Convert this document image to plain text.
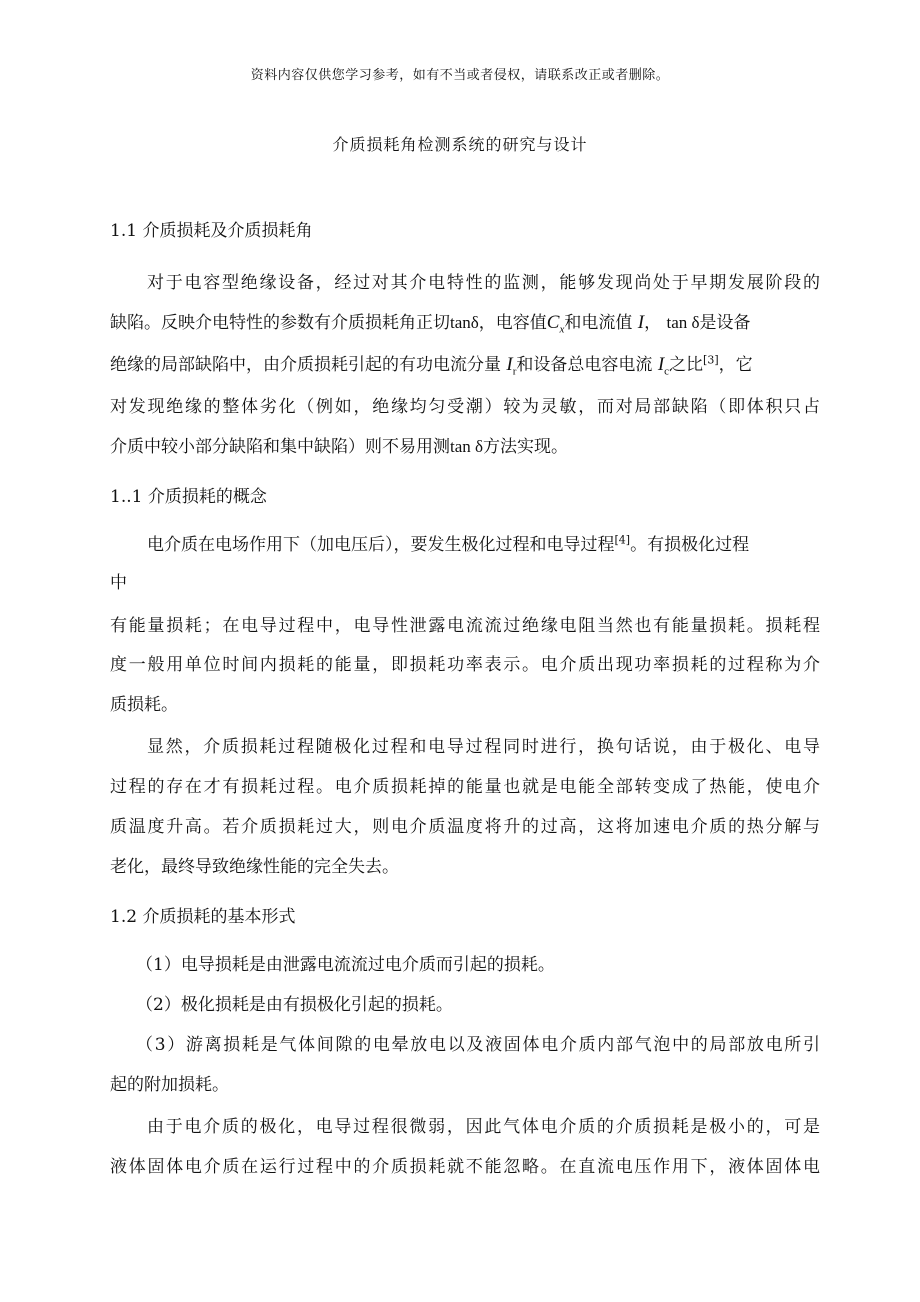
资料内容仅供您学习参考，如有不当或者侵权，请联系改正或者删除。
介质损耗角检测系统的研究与设计
1.1 介质损耗及介质损耗角
对于电容型绝缘设备，经过对其介电特性的监测，能够发现尚处于早期发展阶段的
缺陷。反映介电特性的参数有介质损耗角正切tanδ，电容值$C_x$和电流值 I， tan δ是设备
绝缘的局部缺陷中，由介质损耗引起的有功电流分量 $I_r$和设备总电容电流 $I_c$之比[3]，它
对发现绝缘的整体劣化（例如，绝缘均匀受潮）较为灵敏，而对局部缺陷（即体积只占
介质中较小部分缺陷和集中缺陷）则不易用测tan δ方法实现。
1..1 介质损耗的概念
电介质在电场作用下（加电压后），要发生极化过程和电导过程[4]。有损极化过程
中
有能量损耗；在电导过程中，电导性泄露电流流过绝缘电阻当然也有能量损耗。损耗程
度一般用单位时间内损耗的能量，即损耗功率表示。电介质出现功率损耗的过程称为介
质损耗。
显然，介质损耗过程随极化过程和电导过程同时进行，换句话说，由于极化、电导
过程的存在才有损耗过程。电介质损耗掉的能量也就是电能全部转变成了热能，使电介
质温度升高。若介质损耗过大，则电介质温度将升的过高，这将加速电介质的热分解与
老化，最终导致绝缘性能的完全失去。
1.2 介质损耗的基本形式
（1）电导损耗是由泄露电流流过电介质而引起的损耗。
（2）极化损耗是由有损极化引起的损耗。
（3）游离损耗是气体间隙的电晕放电以及液固体电介质内部气泡中的局部放电所引
起的附加损耗。
由于电介质的极化，电导过程很微弱，因此气体电介质的介质损耗是极小的，可是
液体固体电介质在运行过程中的介质损耗就不能忽略。在直流电压作用下，液体固体电
